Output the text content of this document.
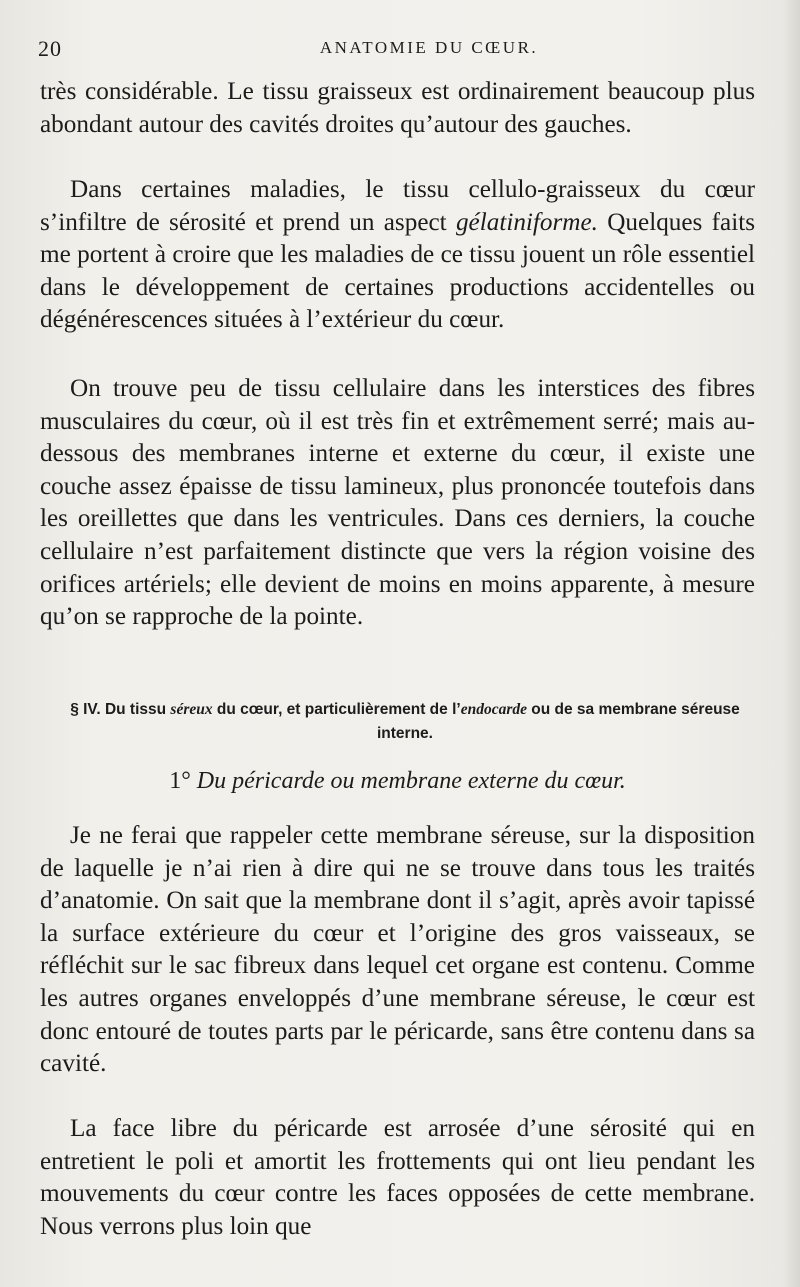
20	ANATOMIE DU CŒUR.

très considérable. Le tissu graisseux est ordinairement beaucoup plus abondant autour des cavités droites qu’autour des gauches.

Dans certaines maladies, le tissu cellulo-graisseux du cœur s’infiltre de sérosité et prend un aspect gélatiniforme. Quelques faits me portent à croire que les maladies de ce tissu jouent un rôle essentiel dans le développement de certaines productions accidentelles ou dégénérescences situées à l’extérieur du cœur.

On trouve peu de tissu cellulaire dans les interstices des fibres musculaires du cœur, où il est très fin et extrêmement serré; mais au-dessous des membranes interne et externe du cœur, il existe une couche assez épaisse de tissu lamineux, plus prononcée toutefois dans les oreillettes que dans les ventricules. Dans ces derniers, la couche cellulaire n’est parfaitement distincte que vers la région voisine des orifices artériels; elle devient de moins en moins apparente, à mesure qu’on se rapproche de la pointe.

§ IV. Du tissu séreux du cœur, et particulièrement de l’endocarde ou de sa membrane séreuse interne.
1° Du péricarde ou membrane externe du cœur.

Je ne ferai que rappeler cette membrane séreuse, sur la disposition de laquelle je n’ai rien à dire qui ne se trouve dans tous les traités d’anatomie. On sait que la membrane dont il s’agit, après avoir tapissé la surface extérieure du cœur et l’origine des gros vaisseaux, se réfléchit sur le sac fibreux dans lequel cet organe est contenu. Comme les autres organes enveloppés d’une membrane séreuse, le cœur est donc entouré de toutes parts par le péricarde, sans être contenu dans sa cavité.

La face libre du péricarde est arrosée d’une sérosité qui en entretient le poli et amortit les frottements qui ont lieu pendant les mouvements du cœur contre les faces opposées de cette membrane. Nous verrons plus loin que
